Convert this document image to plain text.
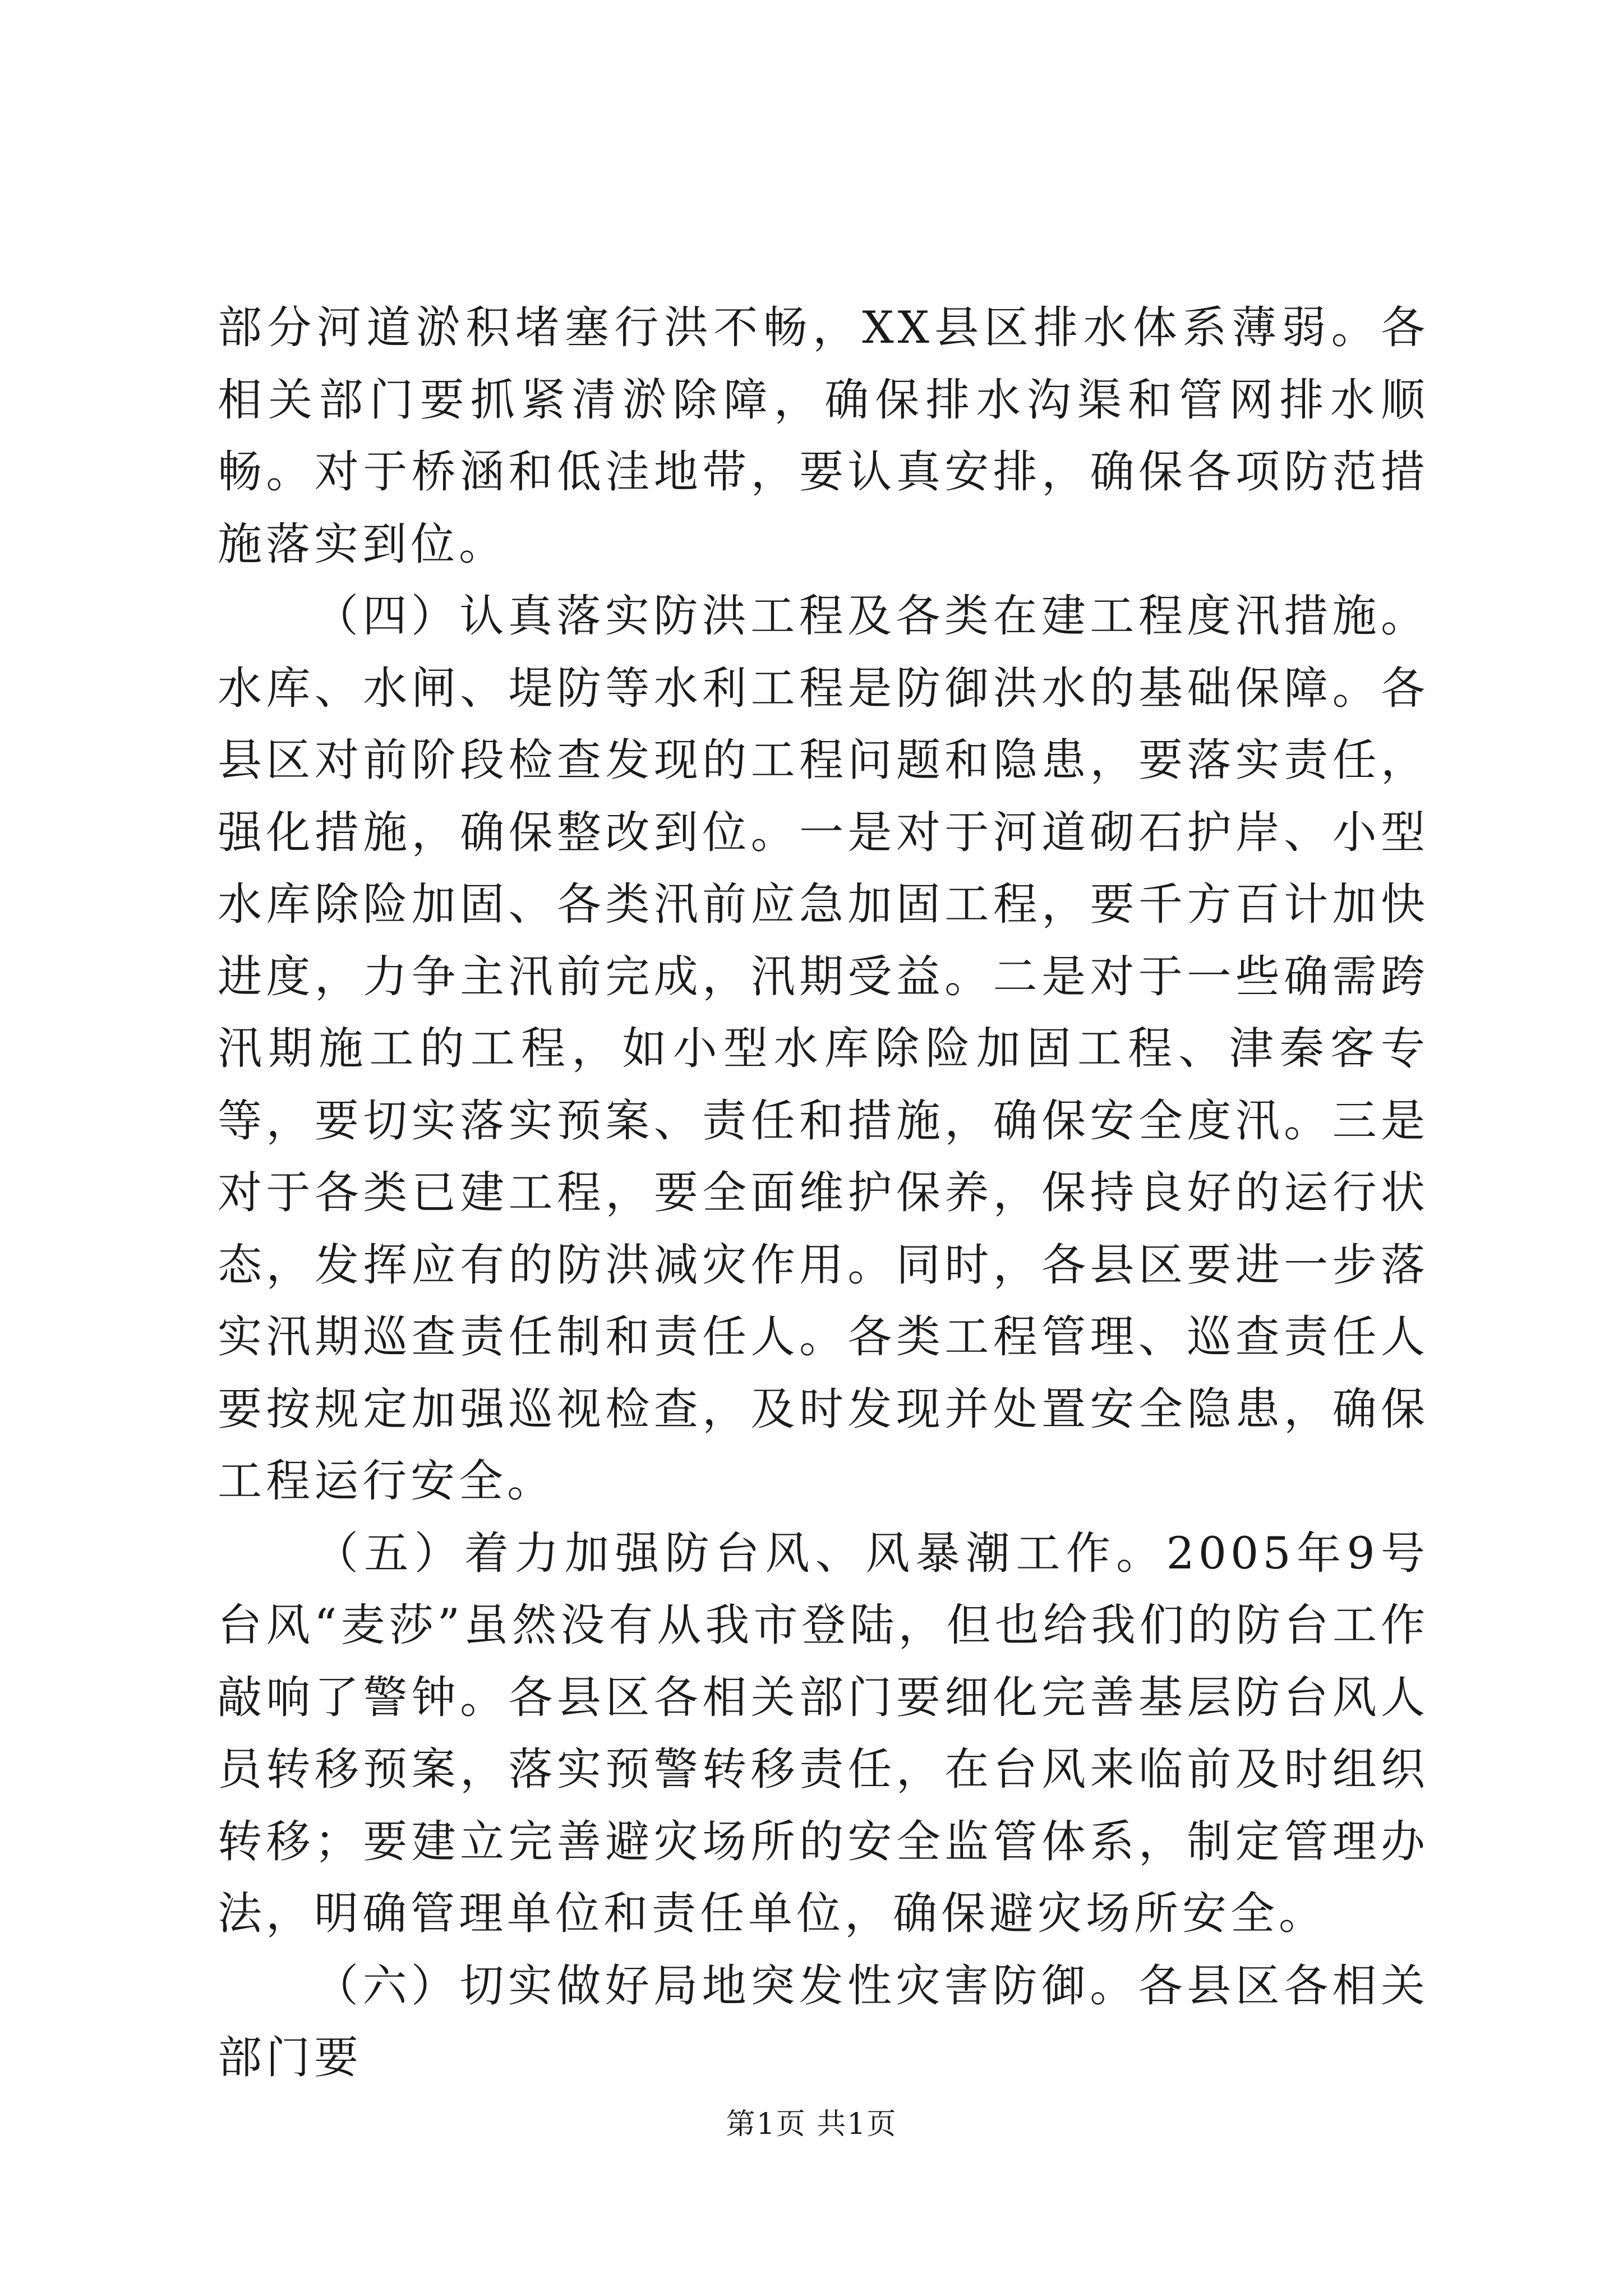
部分河道淤积堵塞行洪不畅，XX县区排水体系薄弱。各相关部门要抓紧清淤除障，确保排水沟渠和管网排水顺畅。对于桥涵和低洼地带，要认真安排，确保各项防范措施落实到位。

（四）认真落实防洪工程及各类在建工程度汛措施。水库、水闸、堤防等水利工程是防御洪水的基础保障。各县区对前阶段检查发现的工程问题和隐患，要落实责任，强化措施，确保整改到位。一是对于河道砌石护岸、小型水库除险加固、各类汛前应急加固工程，要千方百计加快进度，力争主汛前完成，汛期受益。二是对于一些确需跨汛期施工的工程，如小型水库除险加固工程、津秦客专等，要切实落实预案、责任和措施，确保安全度汛。三是对于各类已建工程，要全面维护保养，保持良好的运行状态，发挥应有的防洪减灾作用。同时，各县区要进一步落实汛期巡查责任制和责任人。各类工程管理、巡查责任人要按规定加强巡视检查，及时发现并处置安全隐患，确保工程运行安全。

（五）着力加强防台风、风暴潮工作。2005年9号台风“麦莎”虽然没有从我市登陆，但也给我们的防台工作敲响了警钟。各县区各相关部门要细化完善基层防台风人员转移预案，落实预警转移责任，在台风来临前及时组织转移；要建立完善避灾场所的安全监管体系，制定管理办法，明确管理单位和责任单位，确保避灾场所安全。

（六）切实做好局地突发性灾害防御。各县区各相关部门要

第1页 共1页
